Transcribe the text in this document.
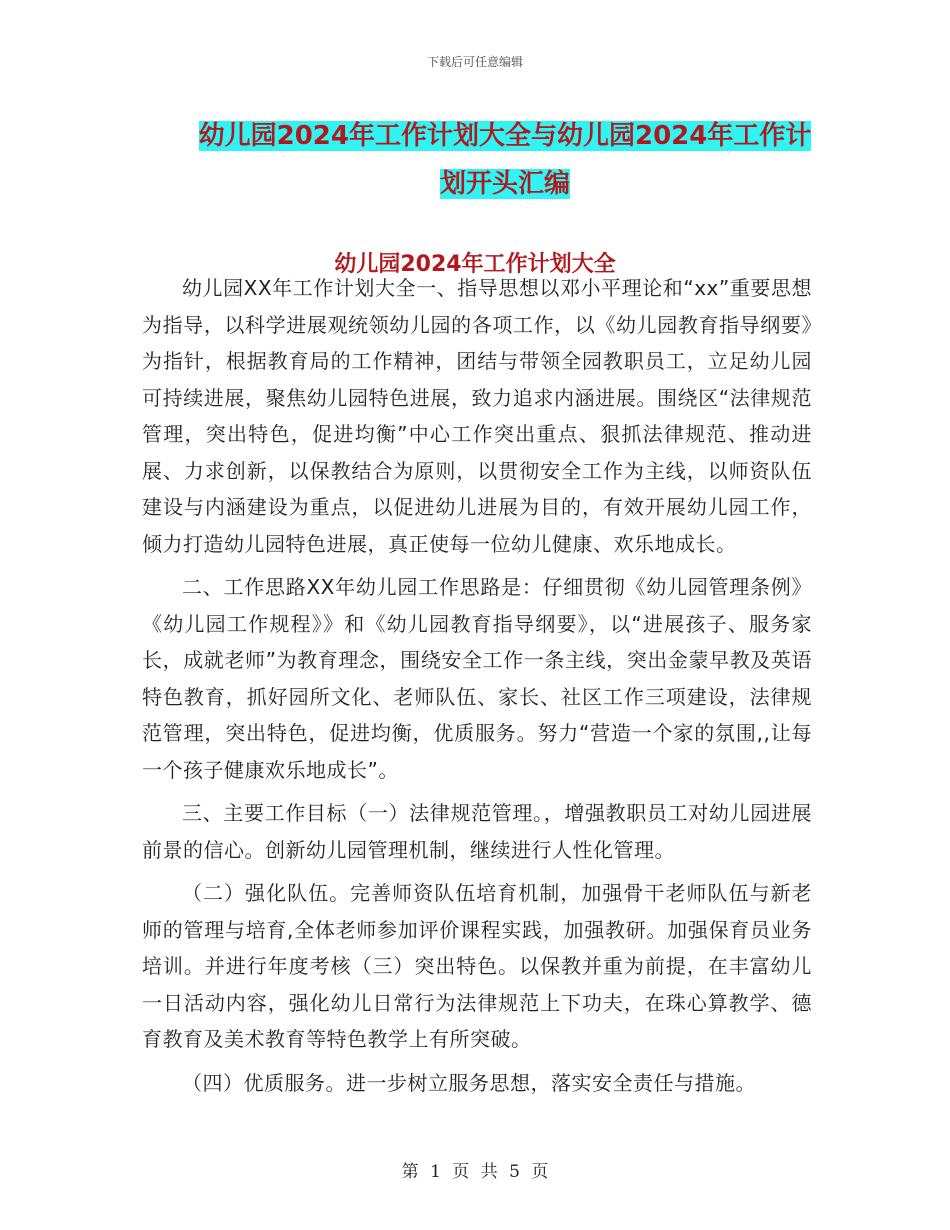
下载后可任意编辑
幼儿园2024年工作计划大全与幼儿园2024年工作计
划开头汇编
幼儿园2024年工作计划大全

幼儿园XX年工作计划大全一、指导思想以邓小平理论和“xx”重要思想为指导，以科学进展观统领幼儿园的各项工作，以《幼儿园教育指导纲要》为指针，根据教育局的工作精神，团结与带领全园教职员工，立足幼儿园可持续进展，聚焦幼儿园特色进展，致力追求内涵进展。围绕区“法律规范管理，突出特色，促进均衡”中心工作突出重点、狠抓法律规范、推动进展、力求创新，以保教结合为原则，以贯彻安全工作为主线，以师资队伍建设与内涵建设为重点，以促进幼儿进展为目的，有效开展幼儿园工作，倾力打造幼儿园特色进展，真正使每一位幼儿健康、欢乐地成长。

二、工作思路XX年幼儿园工作思路是：仔细贯彻《幼儿园管理条例》《幼儿园工作规程》》和《幼儿园教育指导纲要》，以“进展孩子、服务家长，成就老师”为教育理念，围绕安全工作一条主线，突出金蒙早教及英语特色教育，抓好园所文化、老师队伍、家长、社区工作三项建设，法律规范管理，突出特色，促进均衡，优质服务。努力“营造一个家的氛围,,让每一个孩子健康欢乐地成长”。

三、主要工作目标（一）法律规范管理。，增强教职员工对幼儿园进展前景的信心。创新幼儿园管理机制，继续进行人性化管理。

（二）强化队伍。完善师资队伍培育机制，加强骨干老师队伍与新老师的管理与培育,全体老师参加评价课程实践，加强教研。加强保育员业务培训。并进行年度考核（三）突出特色。以保教并重为前提，在丰富幼儿一日活动内容，强化幼儿日常行为法律规范上下功夫，在珠心算教学、德育教育及美术教育等特色教学上有所突破。

（四）优质服务。进一步树立服务思想，落实安全责任与措施。

第 1 页 共 5 页
